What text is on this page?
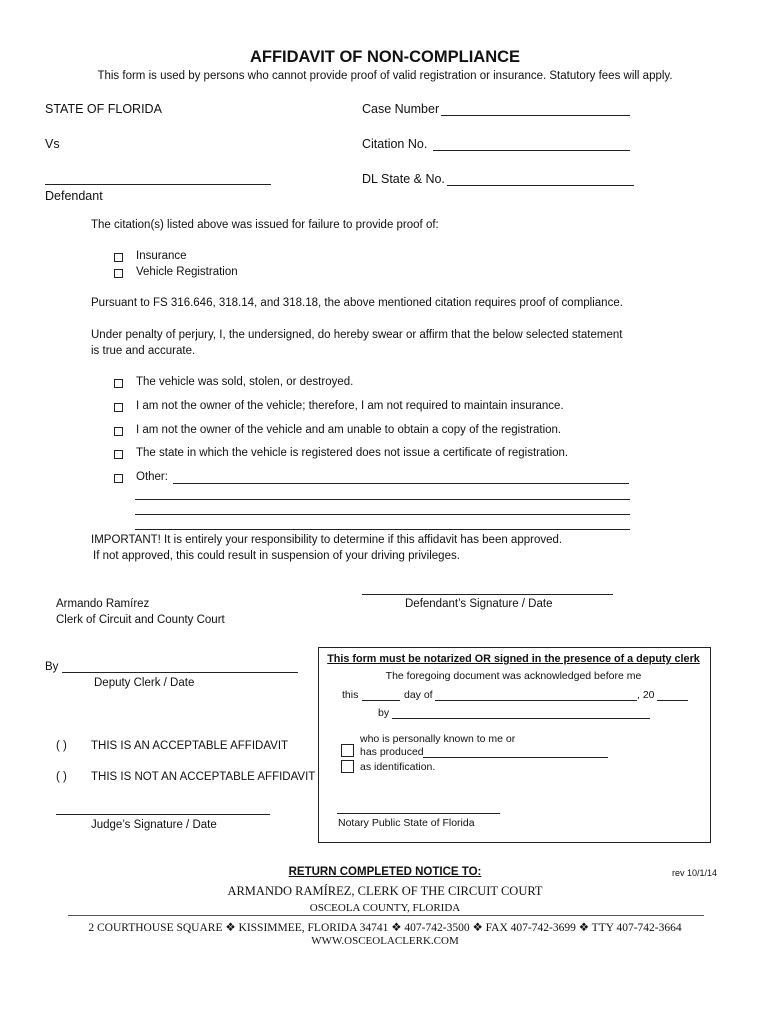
AFFIDAVIT OF NON-COMPLIANCE
This form is used by persons who cannot provide proof of valid registration or insurance. Statutory fees will apply.
STATE OF FLORIDA
Vs
Defendant
Case Number
Citation No.
DL State & No.
The citation(s) listed above was issued for failure to provide proof of:
Insurance
Vehicle Registration
Pursuant to FS 316.646, 318.14, and 318.18, the above mentioned citation requires proof of compliance.
Under penalty of perjury, I, the undersigned, do hereby swear or affirm that the below selected statement
is true and accurate.
The vehicle was sold, stolen, or destroyed.
I am not the owner of the vehicle; therefore, I am not required to maintain insurance.
I am not the owner of the vehicle and am unable to obtain a copy of the registration.
The state in which the vehicle is registered does not issue a certificate of registration.
Other:
IMPORTANT! It is entirely your responsibility to determine if this affidavit has been approved.
If not approved, this could result in suspension of your driving privileges.
Defendant’s Signature / Date
Armando Ramírez
Clerk of Circuit and County Court
By
Deputy Clerk / Date
( ) THIS IS AN ACCEPTABLE AFFIDAVIT
( ) THIS IS NOT AN ACCEPTABLE AFFIDAVIT
Judge’s Signature / Date
This form must be notarized OR signed in the presence of a deputy clerk
The foregoing document was acknowledged before me
this	day of	, 20
by
who is personally known to me or
has produced
as identification.
Notary Public State of Florida
RETURN COMPLETED NOTICE TO:	rev 10/1/14
ARMANDO RAMÍREZ, CLERK OF THE CIRCUIT COURT
OSCEOLA COUNTY, FLORIDA
2 COURTHOUSE SQUARE ❖ KISSIMMEE, FLORIDA 34741 ❖ 407-742-3500 ❖ FAX 407-742-3699 ❖ TTY 407-742-3664
WWW.OSCEOLACLERK.COM
